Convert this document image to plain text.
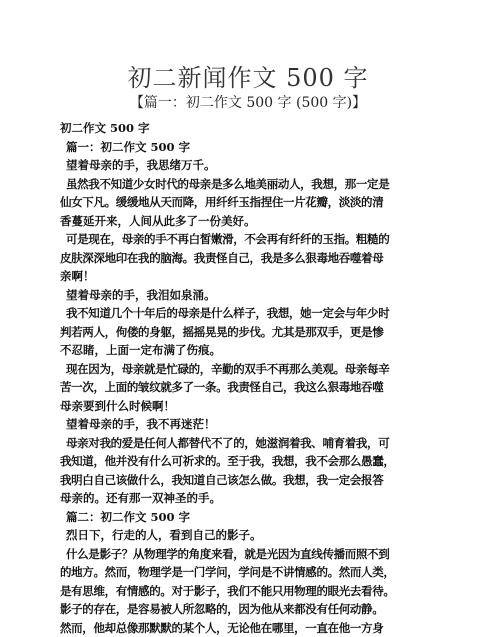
初二新闻作文 500 字
【篇一：初二作文 500 字 (500 字)】
初二作文 500 字
篇一：初二作文 500 字
望着母亲的手，我思绪万千。
虽然我不知道少女时代的母亲是多么地美丽动人，我想，那一定是
仙女下凡。缓缓地从天而降，用纤纤玉指捏住一片花瓣，淡淡的清
香蔓延开来，人间从此多了一份美好。
可是现在，母亲的手不再白皙嫩滑，不会再有纤纤的玉指。粗糙的
皮肤深深地印在我的脑海。我责怪自己，我是多么狠毒地吞噬着母
亲啊！
望着母亲的手，我泪如泉涌。
我不知道几个十年后的母亲是什么样子，我想，她一定会与年少时
判若两人，佝偻的身躯，摇摇晃晃的步伐。尤其是那双手，更是惨
不忍睹，上面一定布满了伤痕。
现在因为，母亲就是忙碌的，辛勤的双手不再那么美观。母亲每辛
苦一次，上面的皱纹就多了一条。我责怪自己，我这么狠毒地吞噬
母亲要到什么时候啊！
望着母亲的手，我不再迷茫！
母亲对我的爱是任何人都替代不了的，她滋润着我、哺育着我，可
我知道，他并没有什么可祈求的。至于我，我想，我不会那么愚蠢，
我明白自己该做什么，我知道自己该怎么做。我想，我一定会报答
母亲的。还有那一双神圣的手。
篇二：初二作文 500 字
烈日下，行走的人，看到自己的影子。
什么是影子？从物理学的角度来看，就是光因为直线传播而照不到
的地方。然而，物理学是一门学问，学问是不讲情感的。然而人类，
是有思维，有情感的。对于影子，我们不能只用物理的眼光去看待。
影子的存在，是容易被人所忽略的，因为他从来都没有任何动静。
然而，他却总像那默默的某个人，无论他在哪里，一直在他一方身
